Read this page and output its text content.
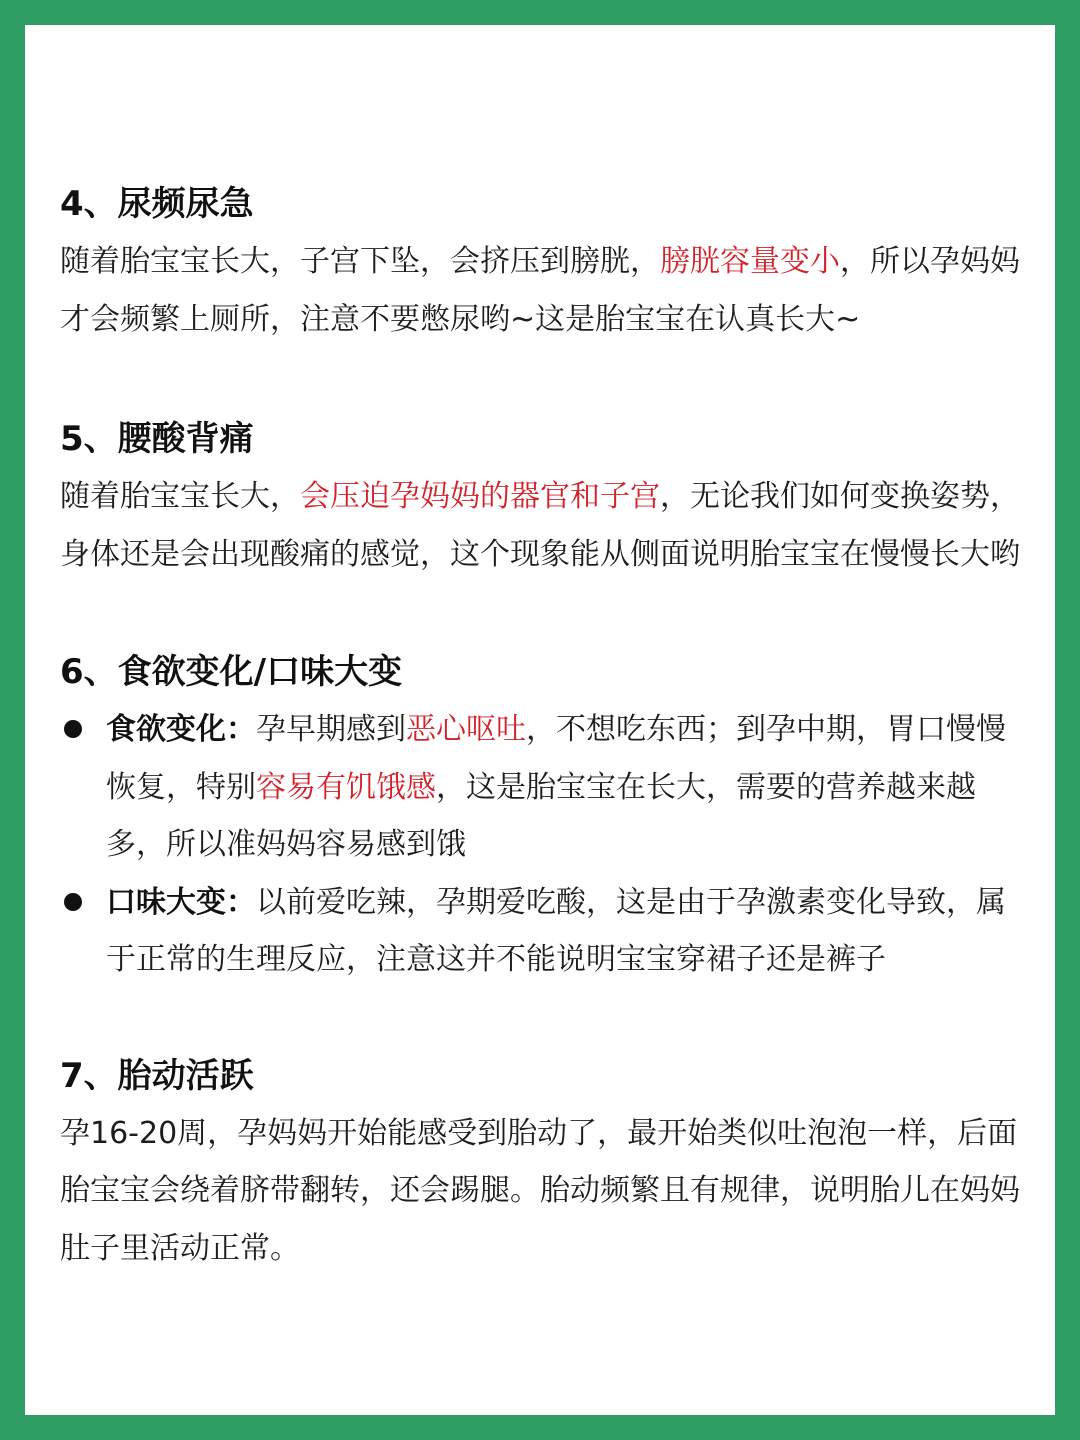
4、尿频尿急

随着胎宝宝长大，子宫下坠，会挤压到膀胱，膀胱容量变小，所以孕妈妈才会频繁上厕所，注意不要憋尿哟~这是胎宝宝在认真长大~

5、腰酸背痛

随着胎宝宝长大，会压迫孕妈妈的器官和子宫，无论我们如何变换姿势，身体还是会出现酸痛的感觉，这个现象能从侧面说明胎宝宝在慢慢长大哟

6、食欲变化/口味大变
食欲变化：孕早期感到恶心呕吐，不想吃东西；到孕中期，胃口慢慢恢复，特别容易有饥饿感，这是胎宝宝在长大，需要的营养越来越多，所以准妈妈容易感到饿
口味大变：以前爱吃辣，孕期爱吃酸，这是由于孕激素变化导致，属于正常的生理反应，注意这并不能说明宝宝穿裙子还是裤子
7、胎动活跃

孕16-20周，孕妈妈开始能感受到胎动了，最开始类似吐泡泡一样，后面胎宝宝会绕着脐带翻转，还会踢腿。胎动频繁且有规律，说明胎儿在妈妈肚子里活动正常。
